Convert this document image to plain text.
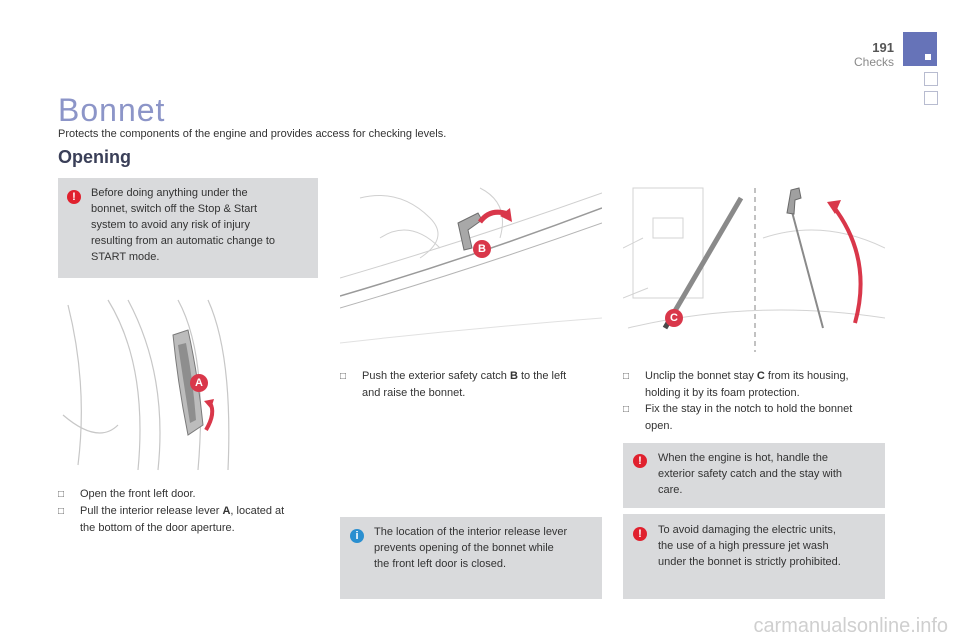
191
Checks
Bonnet
Protects the components of the engine and provides access for checking levels.
Opening
!	Before doing anything under the
bonnet, switch off the Stop & Start
system to avoid any risk of injury
resulting from an automatic change to
START mode.
A
□ Open the front left door.
□ Pull the interior release lever A, located at
the bottom of the door aperture.
B
□ Push the exterior safety catch B to the left
and raise the bonnet.
i	The location of the interior release lever
prevents opening of the bonnet while
the front left door is closed.
C
□ Unclip the bonnet stay C from its housing,
holding it by its foam protection.
□ Fix the stay in the notch to hold the bonnet
open.
!	When the engine is hot, handle the
exterior safety catch and the stay with
care.
!	To avoid damaging the electric units,
the use of a high pressure jet wash
under the bonnet is strictly prohibited.
carmanualsonline.info
